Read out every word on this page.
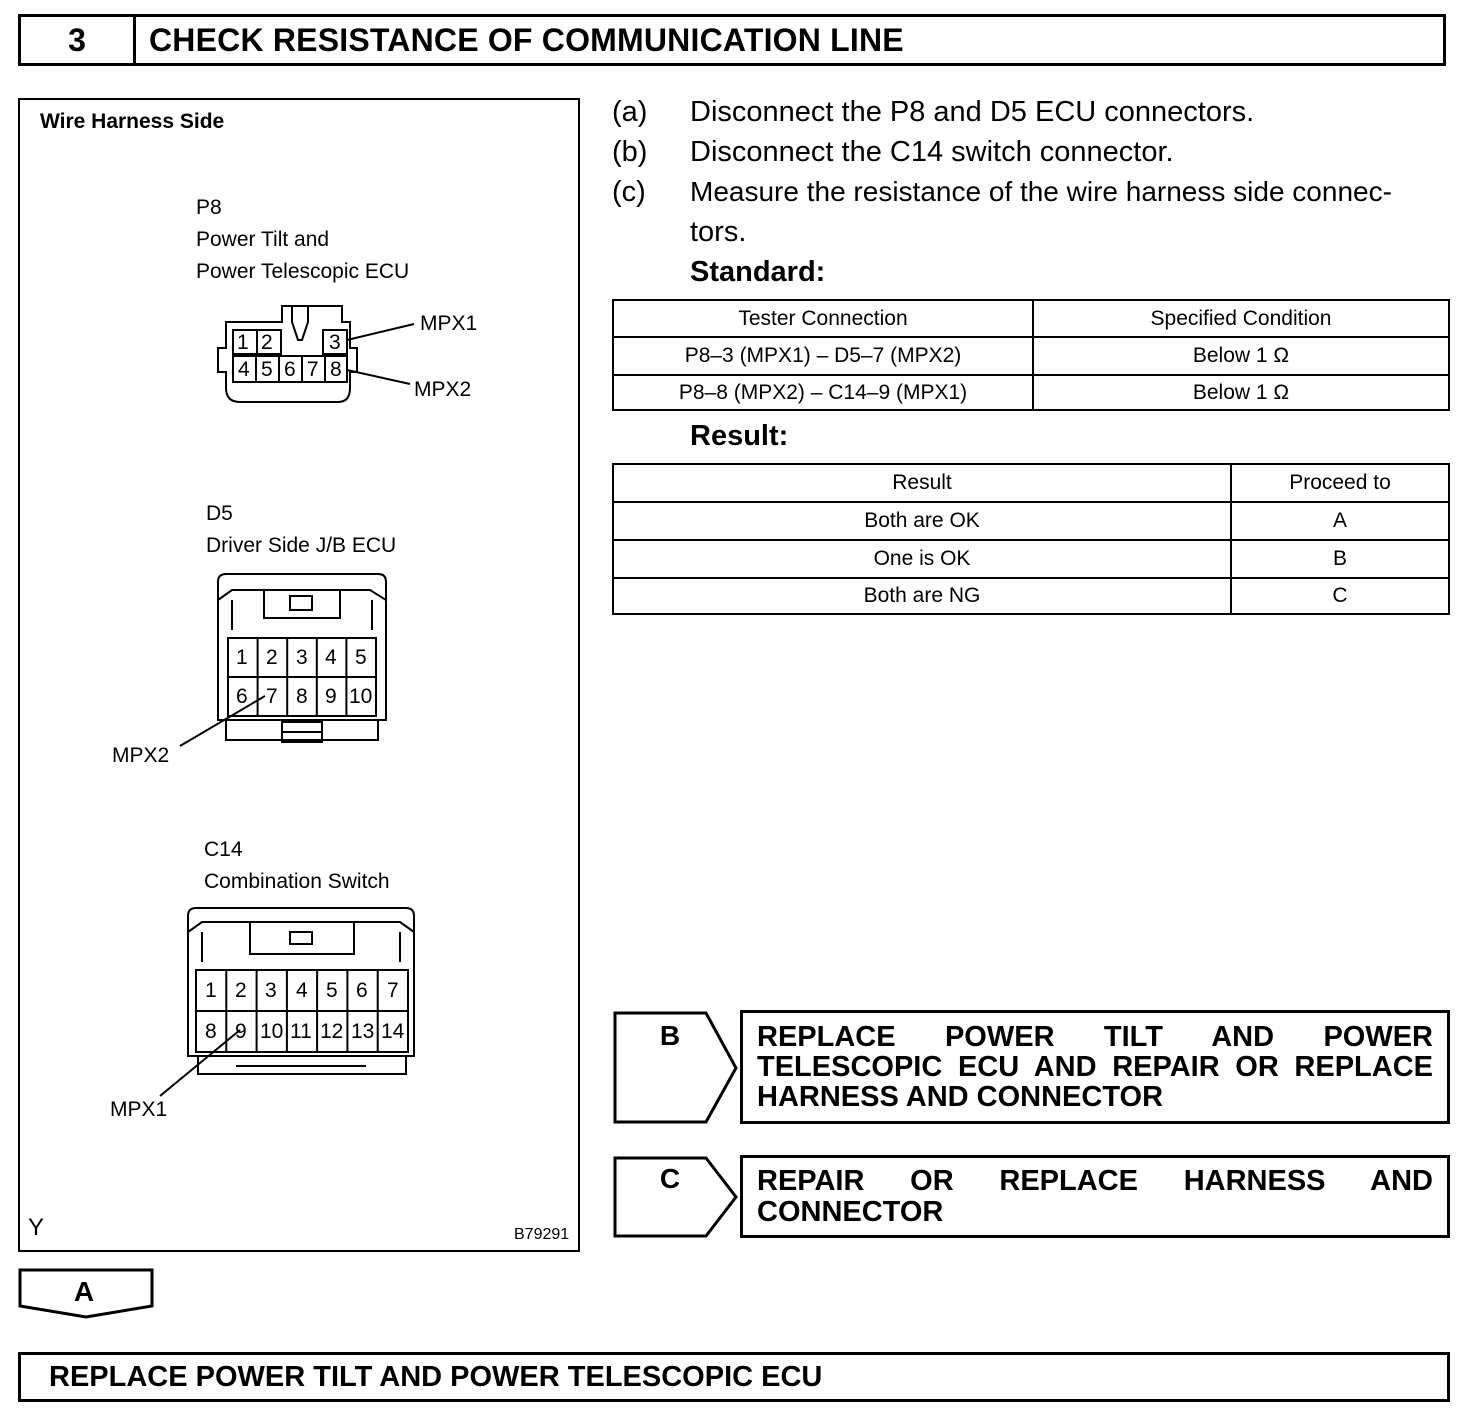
3	CHECK RESISTANCE OF COMMUNICATION LINE
Wire Harness Side
P8
Power Tilt and
Power Telescopic ECU
1 2	3
4 5 6 7 8
MPX1
MPX2
D5
Driver Side J/B ECU
1 2 3 4 5
6 7 8 9 10
MPX2
C14
Combination Switch
1 2 3 4 5 6 7
8 9 10 11 12 13 14
MPX1
Y	B79291
(a) Disconnect the P8 and D5 ECU connectors.
(b) Disconnect the C14 switch connector.
(c) Measure the resistance of the wire harness side connec-
tors.
Standard:
Tester Connection	Specified Condition
P8–3 (MPX1) – D5–7 (MPX2)	Below 1 Ω
P8–8 (MPX2) – C14–9 (MPX1)	Below 1 Ω
Result:
Result	Proceed to
Both are OK	A
One is OK	B
Both are NG	C
B	REPLACE POWER TILT AND POWER
TELESCOPIC ECU AND REPAIR OR REPLACE
HARNESS AND CONNECTOR
C	REPAIR OR REPLACE HARNESS AND
CONNECTOR
A
REPLACE POWER TILT AND POWER TELESCOPIC ECU
